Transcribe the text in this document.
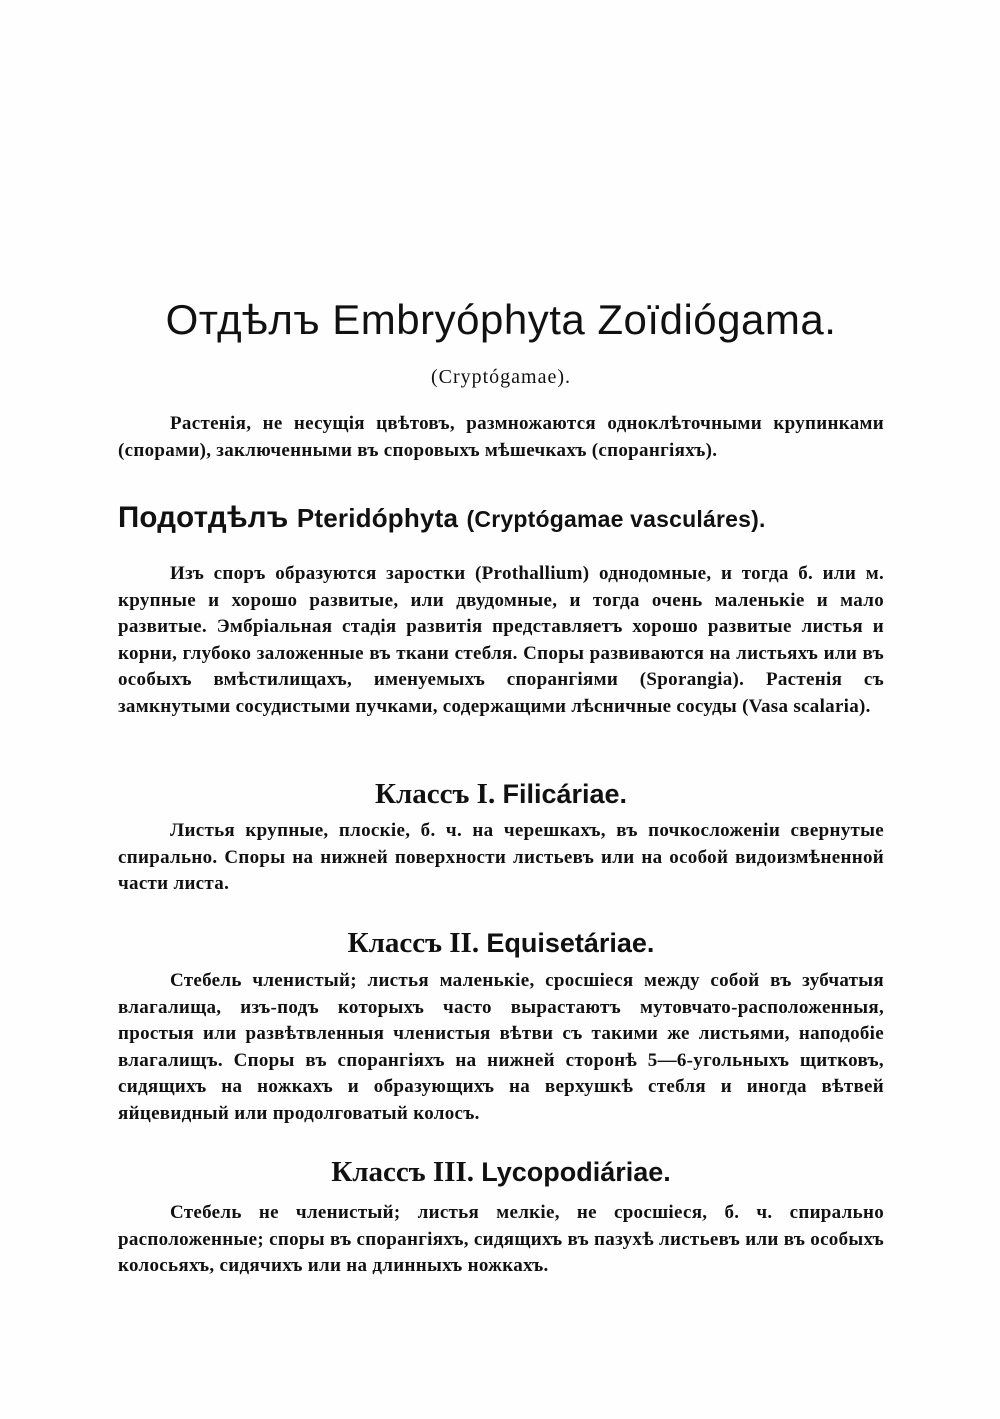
Отдѣлъ Embryóphyta Zoïdiógama.
(Cryptógamae).
Растенія, не несущія цвѣтовъ, размножаются одноклѣточными крупинками (спорами), заключенными въ споровыхъ мѣшечкахъ (спорангіяхъ).
Подотдѣлъ Pteridóphyta (Cryptógamae vasculáres).
Изъ споръ образуются заростки (Prothallium) однодомные, и тогда б. или м. крупные и хорошо развитые, или двудомные, и тогда очень маленькіе и мало развитые. Эмбріальная стадія развитія представляетъ хорошо развитые листья и корни, глубоко заложенные въ ткани стебля. Споры развиваются на листьяхъ или въ особыхъ вмѣстилищахъ, именуемыхъ спорангіями (Sporangia). Растенія съ замкнутыми сосудистыми пучками, содержащими лѣсничные сосуды (Vasa scalaria).
Классъ I. Filicáriae.
Листья крупные, плоскіе, б. ч. на черешкахъ, въ почкосложеніи свернутые спирально. Споры на нижней поверхности листьевъ или на особой видоизмѣненной части листа.
Классъ II. Equisetáriae.
Стебель членистый; листья маленькіе, сросшіеся между собой въ зубчатыя влагалища, изъ-подъ которыхъ часто вырастаютъ мутовчато-расположенныя, простыя или развѣтвленныя членистыя вѣтви съ такими же листьями, наподобіе влагалищъ. Споры въ спорангіяхъ на нижней сторонѣ 5—6-угольныхъ щитковъ, сидящихъ на ножкахъ и образующихъ на верхушкѣ стебля и иногда вѣтвей яйцевидный или продолговатый колосъ.
Классъ III. Lycopodiáriae.
Стебель не членистый; листья мелкіе, не сросшіеся, б. ч. спирально расположенные; споры въ спорангіяхъ, сидящихъ въ пазухѣ листьевъ или въ особыхъ колосьяхъ, сидячихъ или на длинныхъ ножкахъ.
